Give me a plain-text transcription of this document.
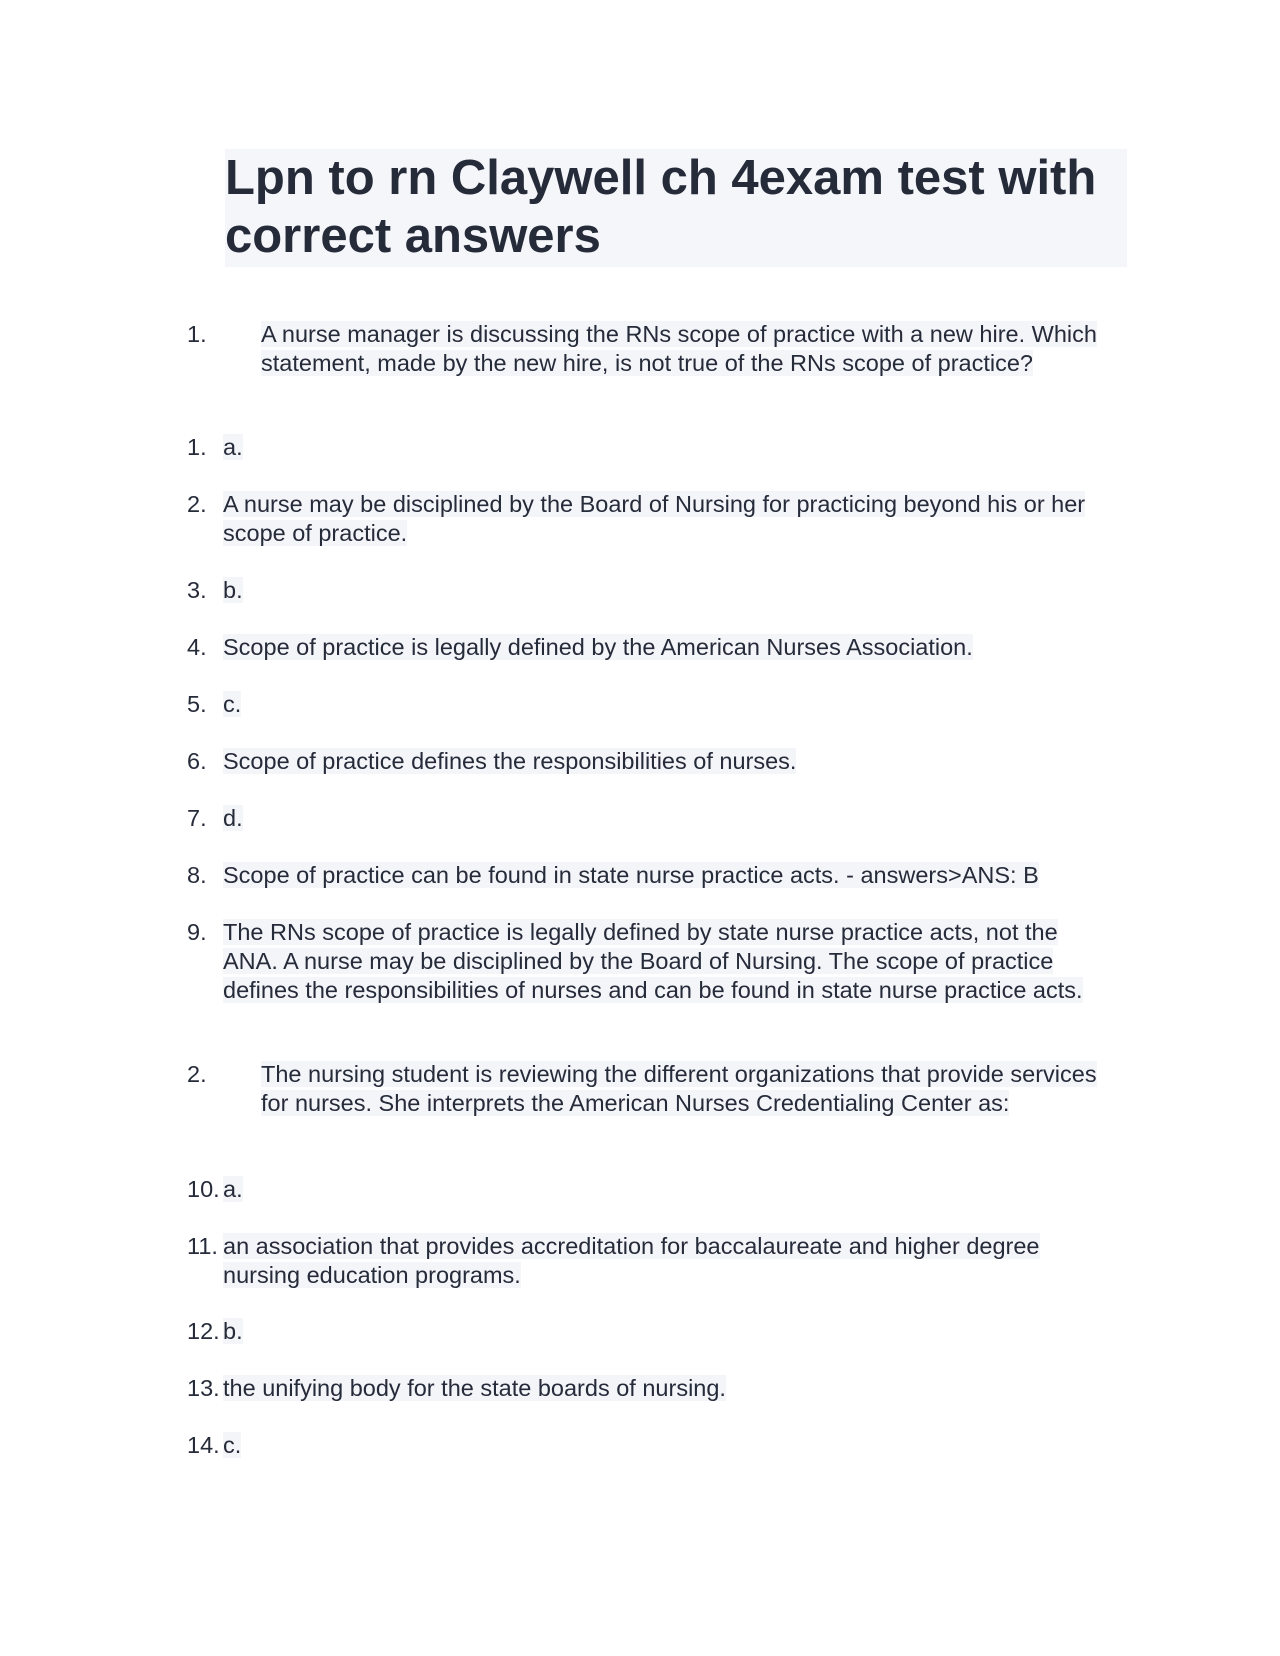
Lpn to rn Claywell ch 4exam test with correct answers
1.	A nurse manager is discussing the RNs scope of practice with a new hire. Which statement, made by the new hire, is not true of the RNs scope of practice?

1. a.

2. A nurse may be disciplined by the Board of Nursing for practicing beyond his or her scope of practice.

3. b.

4. Scope of practice is legally defined by the American Nurses Association.

5. c.

6. Scope of practice defines the responsibilities of nurses.

7. d.

8. Scope of practice can be found in state nurse practice acts. - answers>ANS: B

9. The RNs scope of practice is legally defined by state nurse practice acts, not the ANA. A nurse may be disciplined by the Board of Nursing. The scope of practice defines the responsibilities of nurses and can be found in state nurse practice acts.

2.	The nursing student is reviewing the different organizations that provide services for nurses. She interprets the American Nurses Credentialing Center as:

10. a.

11. an association that provides accreditation for baccalaureate and higher degree nursing education programs.

12. b.

13. the unifying body for the state boards of nursing.

14. c.
